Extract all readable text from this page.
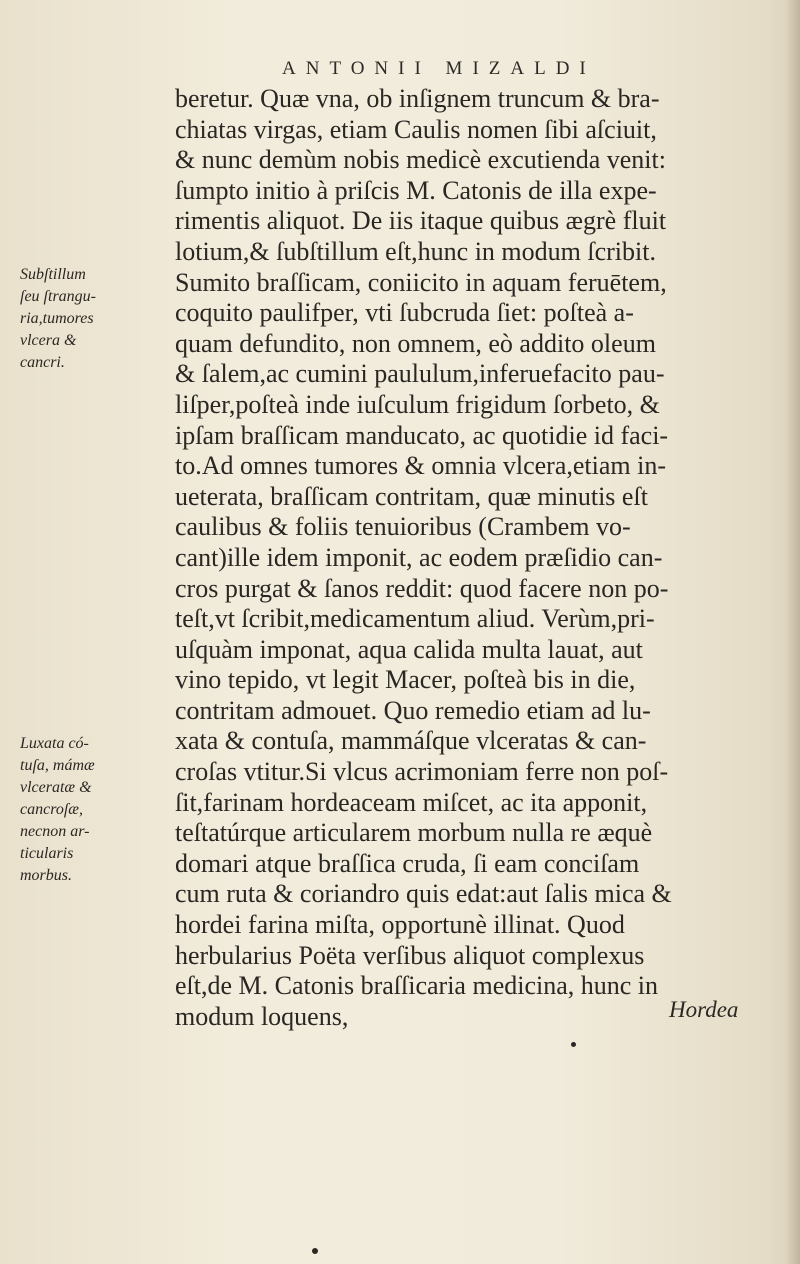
ANTONII MIZALDI
Subſtillum
ſeu ſtrangu-
ria,tumores
vlcera &
cancri.
Luxata có-
tuſa, mámæ
vlceratæ &
cancroſæ,
necnon ar-
ticularis
morbus.
beretur. Quæ vna, ob inſignem truncum & bra-
chiatas virgas, etiam Caulis nomen ſibi aſciuit,
& nunc demùm nobis medicè excutienda venit:
ſumpto initio à priſcis M. Catonis de illa expe-
rimentis aliquot. De iis itaque quibus ægrè fluit
lotium,& ſubſtillum eſt,hunc in modum ſcribit.
Sumito braſſicam, coniicito in aquam feruētem,
coquito paulifper, vti ſubcruda ſiet: poſteà a-
quam defundito, non omnem, eò addito oleum
& ſalem,ac cumini paululum,inferuefacito pau-
liſper,poſteà inde iuſculum frigidum ſorbeto, &
ipſam braſſicam manducato, ac quotidie id faci-
to.Ad omnes tumores & omnia vlcera,etiam in-
ueterata, braſſicam contritam, quæ minutis eſt
caulibus & foliis tenuioribus (Crambem vo-
cant)ille idem imponit, ac eodem præſidio can-
cros purgat & ſanos reddit: quod facere non po-
teſt,vt ſcribit,medicamentum aliud. Verùm,pri-
uſquàm imponat, aqua calida multa lauat, aut
vino tepido, vt legit Macer, poſteà bis in die,
contritam admouet. Quo remedio etiam ad lu-
xata & contuſa, mammáſque vlceratas & can-
croſas vtitur.Si vlcus acrimoniam ferre non poſ-
ſit,farinam hordeaceam miſcet, ac ita apponit,
teſtatúrque articularem morbum nulla re æquè
domari atque braſſica cruda, ſi eam conciſam
cum ruta & coriandro quis edat:aut ſalis mica &
hordei farina miſta, opportunè illinat. Quod
herbularius Poëta verſibus aliquot complexus
eſt,de M. Catonis braſſicaria medicina, hunc in
modum loquens,	Hordea
